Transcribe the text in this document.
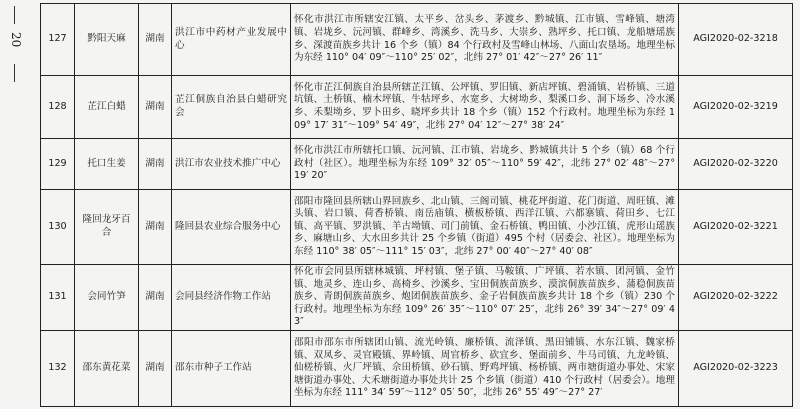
20	127	黔阳天麻	湖南	洪江市中药材产业发展中心	怀化市洪江市所辖安江镇、太平乡、岔头乡、茅渡乡、黔城镇、江市镇、雪峰镇、塘湾镇、岩垅乡、沅河镇、群峰乡、湾溪乡、洗马乡、大崇乡、熟坪乡、托口镇、龙船塘瑶族乡、深渡苗族乡共计 16 个乡（镇）84 个行政村及雪峰山林场、八面山农垦场。地理坐标为东经 110° 04′ 09″～110° 25′ 02″，北纬 27° 01′ 42″～27° 26′ 11″	AGI2020-02-3218
128	芷江白蜡	湖南	芷江侗族自治县白蜡研究会	怀化市芷江侗族自治县所辖芷江镇、公坪镇、罗旧镇、新店坪镇、碧涌镇、岩桥镇、三道坑镇、土桥镇、楠木坪镇、牛牯坪乡、水宽乡、大树坳乡、梨溪口乡、洞下场乡、冷水溪乡、禾梨坳乡、罗卜田乡、晓坪乡共计 18 个乡（镇）152 个行政村。地理坐标为东经 109° 17′ 31″～109° 54′ 49″，北纬 27° 04′ 12″～27° 38′ 24″	AGI2020-02-3219
129	托口生姜	湖南	洪江市农业技术推广中心	怀化市洪江市所辖托口镇、沅河镇、江市镇、岩垅乡、黔城镇共计 5 个乡（镇）68 个行政村（社区）。地理坐标为东经 109° 32′ 05″～110° 59′ 42″，北纬 27° 02′ 48″～27° 19′ 20″	AGI2020-02-3220
130	隆回龙牙百合	湖南	隆回县农业综合服务中心	邵阳市隆回县所辖山界回族乡、北山镇、三阁司镇、桃花坪街道、花门街道、周旺镇、滩头镇、岩口镇、荷香桥镇、南岳庙镇、横板桥镇、西洋江镇、六都寨镇、荷田乡、七江镇、高平镇、罗洪镇、羊古坳镇、司门前镇、金石桥镇、鸭田镇、小沙江镇、虎形山瑶族乡、麻塘山乡、大水田乡共计 25 个乡镇（街道）495 个村（居委会、社区）。地理坐标为东经 110° 38′ 05″～111° 15′ 03″，北纬 27° 00′ 40″～27° 40′ 08″	AGI2020-02-3221
131	会同竹笋	湖南	会同县经济作物工作站	怀化市会同县所辖林城镇、坪村镇、堡子镇、马鞍镇、广坪镇、若水镇、团河镇、金竹镇、地灵乡、连山乡、高椅乡、沙溪乡、宝田侗族苗族乡、漠滨侗族苗族乡、蒲稳侗族苗族乡、青朗侗族苗族乡、炮团侗族苗族乡、金子岩侗族苗族乡共计 18 个乡（镇）230 个行政村。地理坐标为东经 109° 26′ 35″～110° 07′ 25″，北纬 26° 39′ 34″～27° 09′ 43″	AGI2020-02-3222
132	邵东黄花菜	湖南	邵东市种子工作站	邵阳市邵东市所辖团山镇、流光岭镇、廉桥镇、流泽镇、黑田铺镇、水东江镇、魏家桥镇、双凤乡、灵官殿镇、界岭镇、周官桥乡、砍宜乡、堡面前乡、牛马司镇、九龙岭镇、仙槎桥镇、火厂坪镇、佘田桥镇、砂石镇、野鸡坪镇、杨桥镇、两市塘街道办事处、宋家塘街道办事处、大禾塘街道办事处共计 25 个乡镇（街道）410 个行政村（居委会）。地理坐标为东经 111° 34′ 59″～112° 05′ 50″，北纬 26° 55′ 49″～27° 27′	AGI2020-02-3223
